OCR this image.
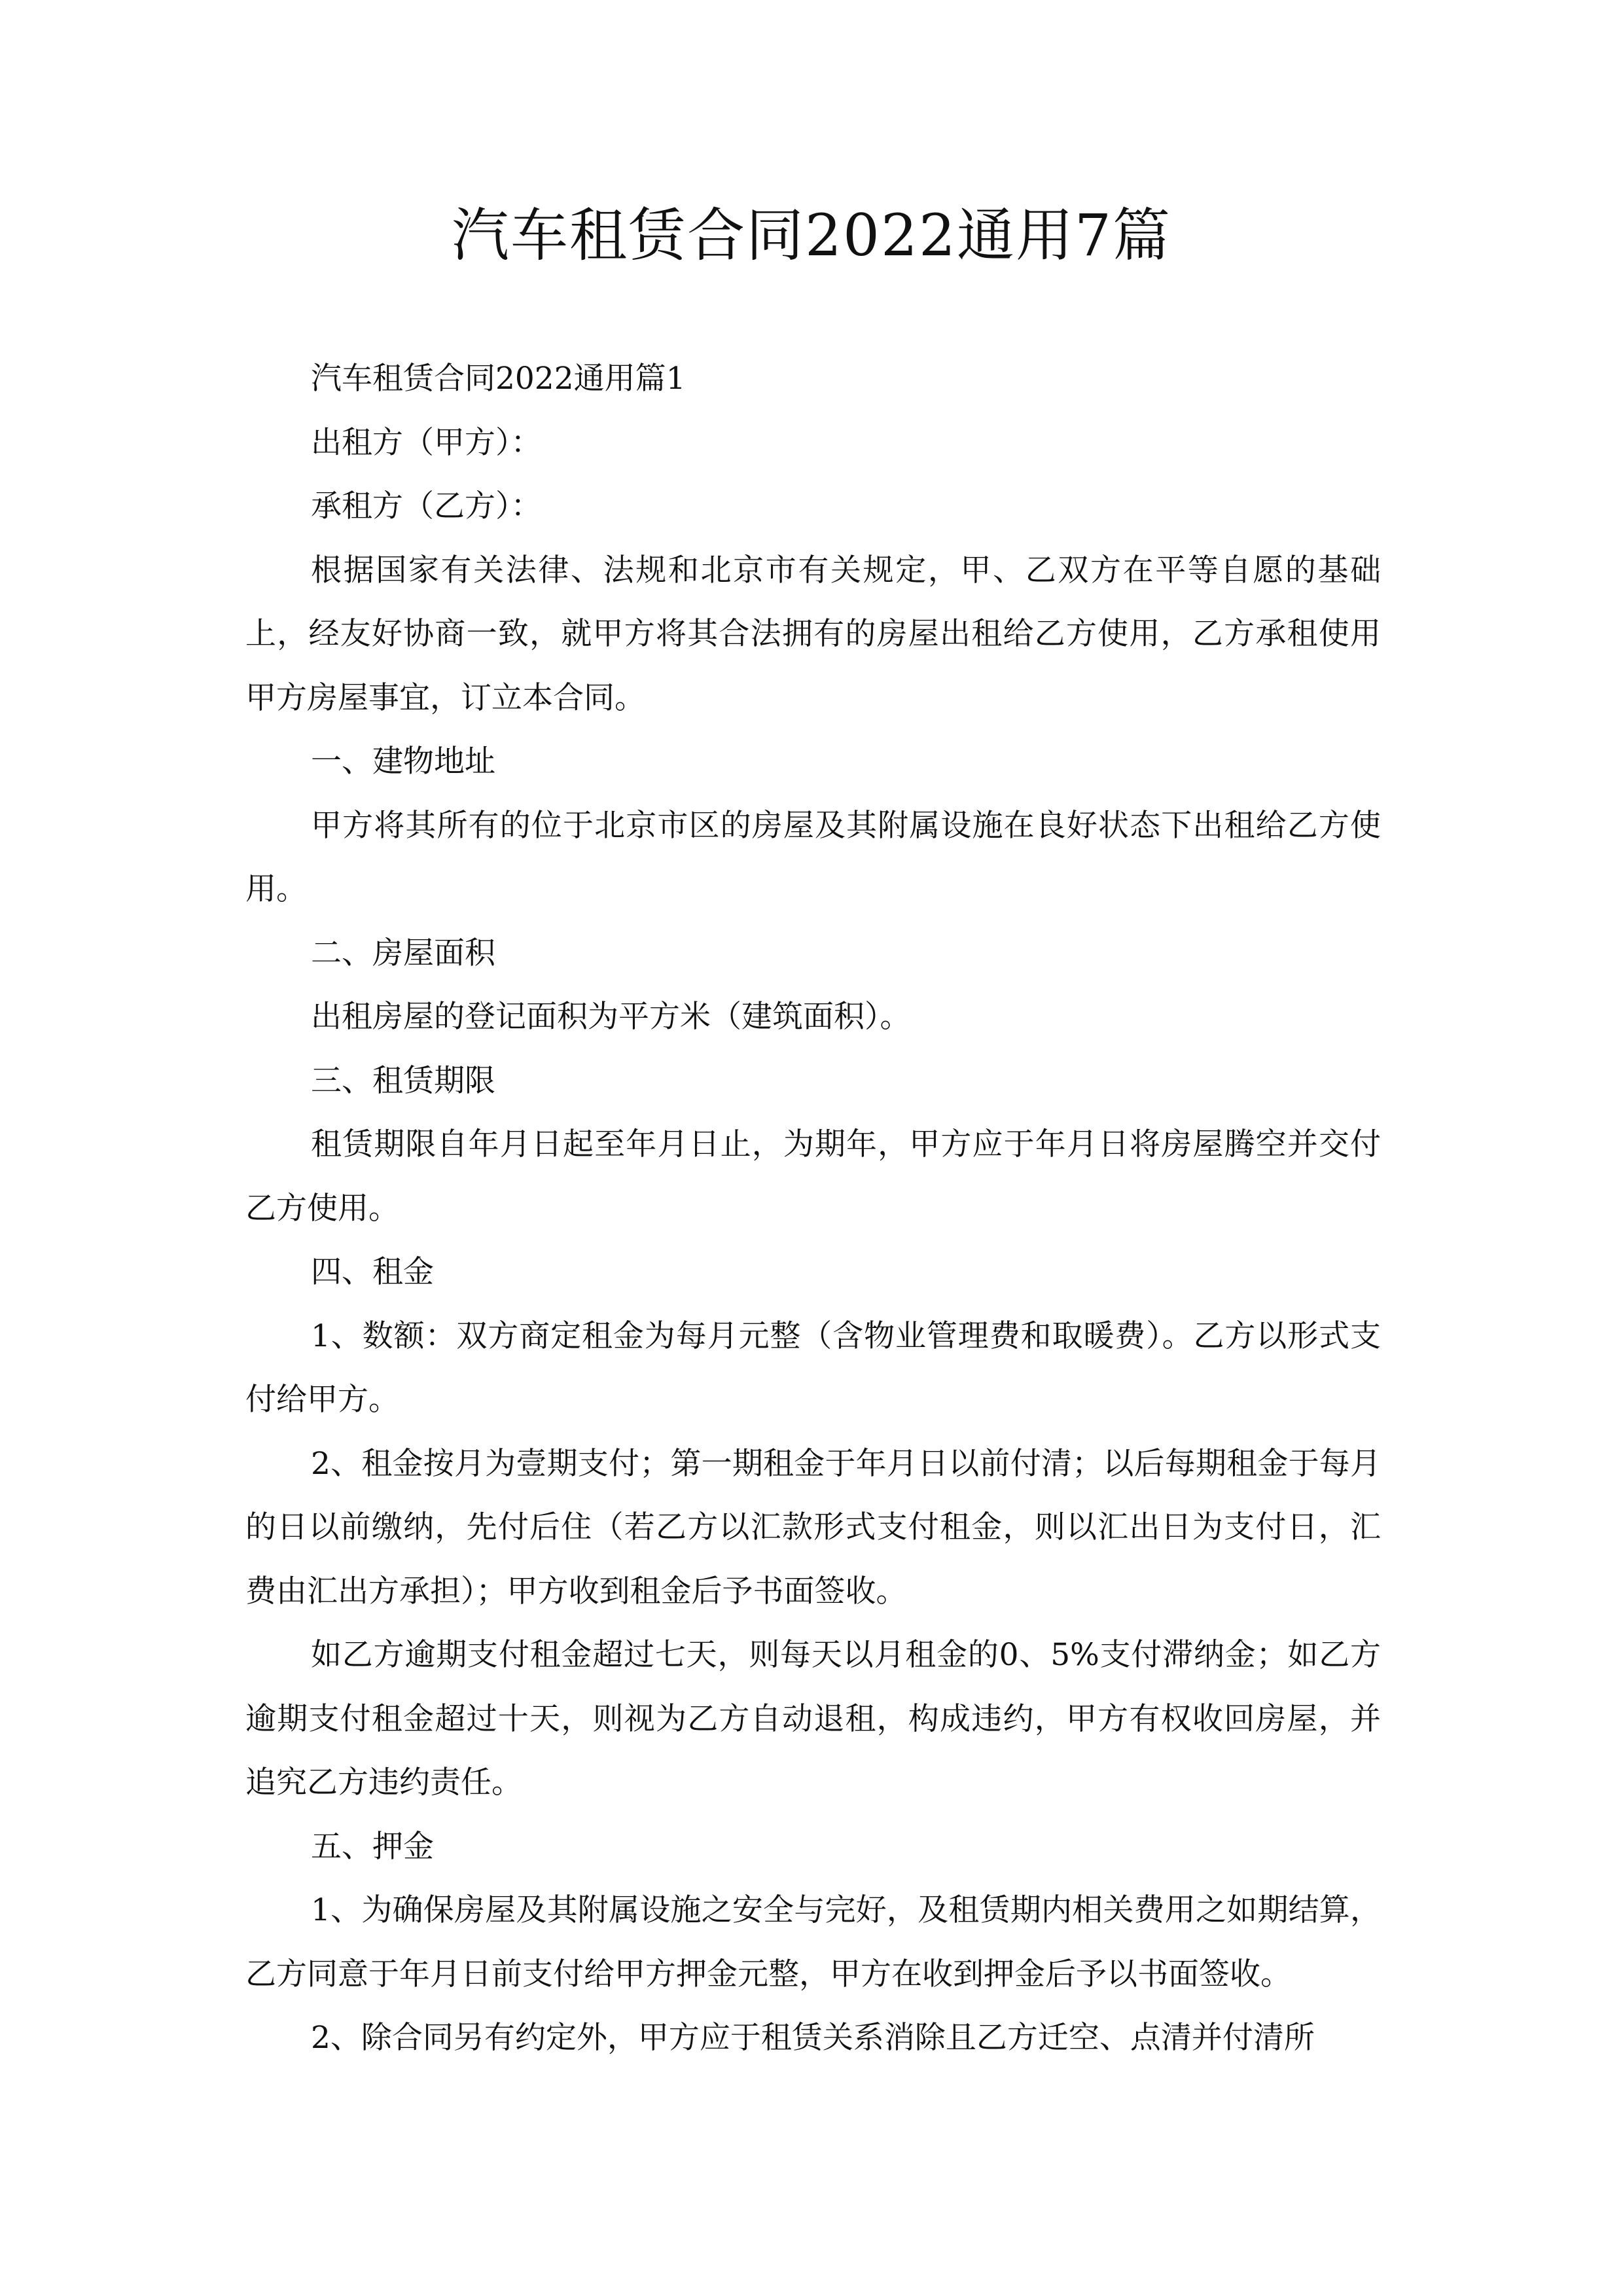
汽车租赁合同2022通用7篇

汽车租赁合同2022通用篇1

出租方（甲方）：

承租方（乙方）：

根据国家有关法律、法规和北京市有关规定，甲、乙双方在平等自愿的基础上，经友好协商一致，就甲方将其合法拥有的房屋出租给乙方使用，乙方承租使用甲方房屋事宜，订立本合同。

一、建物地址

甲方将其所有的位于北京市区的房屋及其附属设施在良好状态下出租给乙方使用。

二、房屋面积

出租房屋的登记面积为平方米（建筑面积）。

三、租赁期限

租赁期限自年月日起至年月日止，为期年，甲方应于年月日将房屋腾空并交付乙方使用。

四、租金

1、数额：双方商定租金为每月元整（含物业管理费和取暖费）。乙方以形式支付给甲方。

2、租金按月为壹期支付；第一期租金于年月日以前付清；以后每期租金于每月的日以前缴纳，先付后住（若乙方以汇款形式支付租金，则以汇出日为支付日，汇费由汇出方承担）；甲方收到租金后予书面签收。

如乙方逾期支付租金超过七天，则每天以月租金的0、5%支付滞纳金；如乙方逾期支付租金超过十天，则视为乙方自动退租，构成违约，甲方有权收回房屋，并追究乙方违约责任。

五、押金

1、为确保房屋及其附属设施之安全与完好，及租赁期内相关费用之如期结算，乙方同意于年月日前支付给甲方押金元整，甲方在收到押金后予以书面签收。

2、除合同另有约定外，甲方应于租赁关系消除且乙方迁空、点清并付清所
